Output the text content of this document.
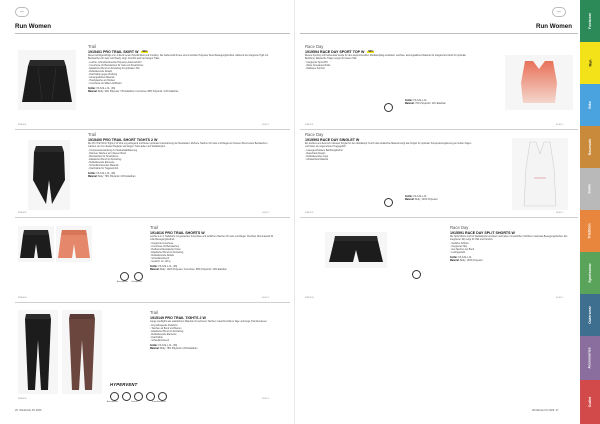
logo
Run Women
Trail
1915401 PRO TRAIL SKIRT W NEU
Dieser leichtgewichtige 2-in-1-Rock vereint Sportlichkeit und Funktion. Die Außenschicht aus einem flexiblen Polyester bietet Bewegungsfreiheit, während die integrierte Tight mit Beintaschen für Gels und Handy sorgt. Komfort auch auf langen Trails.
- Leichte, schnelltrocknende Polyester-Außenschicht
- Innenhose mit Beintaschen für Gels und Smartphone
- Elastischer Bund mit Kordelzug für optimalen Sitz
- Reflektierende Details
- Flachnähte gegen Reibung
- Atmungsaktives Material
- Handytasche am Rücken
- Innenhose mit Silikon-Griffband
Größe: XS-S-M-L-XL, (38)
Material: Body: 92% Polyester / 8% Elasthan; Innenhose: 88% Polyamid / 12% Elasthan
9990001	59,95 €
Trail
1915400 PRO TRAIL SHORT TIGHTS 2 W
Die Pro Trail Short Tights 2 W sind eng anliegend und bieten optimale Unterstützung der Muskulatur. Mehrere Taschen für Gels und Riegel am hinteren Bund sowie Beintaschen machen sie zum idealen Begleiter auf langen Trail-Läufen und Wettkämpfen.
- Kompressionswirkung zur Muskelstabilisierung
- Mehrere Taschen am hinteren Bund
- Beintaschen für Smartphone
- Elastischer Bund mit Kordelzug
- Reflektierende Elemente
- Schnelltrocknendes Material
- Flachnähte für Tragekomfort
Größe: XS-S-M-L-XL, (38)
Material: Body: 78% Polyamid / 22% Elasthan
9990002	54,95 €
Atmungsaktiv Leichtgewicht
Trail
1914616 PRO TRAIL SHORTS W
Leichte 2-in-1 Trailshorts mit gesäumter Innenhose und seitlichen Taschen für Gels und Riegel. Flexibles Obermaterial für volle Bewegungsfreiheit.
- Integrierte Innenhose
- Innenhose mit Beintaschen
- Reißverschlusstasche hinten
- Elastischer Bund mit Kordelzug
- Reflektierende Details
- Schnelltrocknend
- Gewicht: ca. 120 g
Größe: XS-S-M-L-XL, (38)
Material: Body: 100% Polyester; Innenhose: 88% Polyamid / 12% Elasthan
9990003	49,95 €
HYPERVENT
Atmungsaktiv	Taschen	Schnelltrocknend
Trail
1915149 PRO TRAIL TIGHTS 2 W
Lange Lauftights aus elastischem Material mit mehreren Taschen. Ideal für kühlere Tage und lange Trail-Abenteuer.
- Eng anliegende Passform
- Taschen an Bund und Beinen
- Elastischer Bund mit Kordelzug
- Reflektierende Elemente
- Flachnähte
- Schnelltrocknend
Größe: XS-S-M-L-XL, (38)
Material: Body: 78% Polyamid / 22% Elasthan
9990004	69,95 €
26  Workbook FS 2029
logo
Run Women
Race Day
1915594 RACE DAY SPORT TOP W NEU
Dieses Sporttop mit Farbverlauf wurde für den anspruchsvollen Wettkampftag entwickelt. Leichtes, atmungsaktives Material mit integriertem Mesh für optimale Belüftung. Elastische Träger sorgen für festen Halt.
- Integrierter Sport-BH
- Weite Ärmelausschnitte
- Nahtloser Komfort
Größe: XS-S-M-L-XL
Material: 79% Polyamid / 21% Elasthan
9990101	44,95 €
Race Day
1915593 RACE DAY SINGLET W
Ein leichtes und dennoch robustes Singlet für den Wettkampf. Durch das ultraleichte Material sorgt das Singlet für optimale Temperaturregulierung an heißen Tagen und bietet ein angenehmes Tragegefühl.
- Lasergeschnittene Belüftungslöcher
- Racerback-Design
- Reflektierendes Logo
- Ultraleichtes Material
Größe: XS-S-M-L-XL
Material: Body: 100% Polyester
9990102	39,95 €
Race Day
1915591 RACE DAY SPLIT SHORTS W
Die Split-Shorts sind für Wettkämpfe konzipiert und bieten mit seitlichen Schlitzen maximale Bewegungsfreiheit. Ein integrierter Slip sorgt für Halt und Komfort.
- Seitliche Schlitze
- Integrierter Slip
- Gel-Taschen am Bund
- Leichtgewicht
Größe: XS-S-M-L-XL
Material: Body: 100% Polyester
9990103	44,95 €
Workbook FS 2029  27
Footwear
Run
Bike
Racewalk
Swim
Triathlon
Sportswear
Outerwear
Accessories
Outlet
